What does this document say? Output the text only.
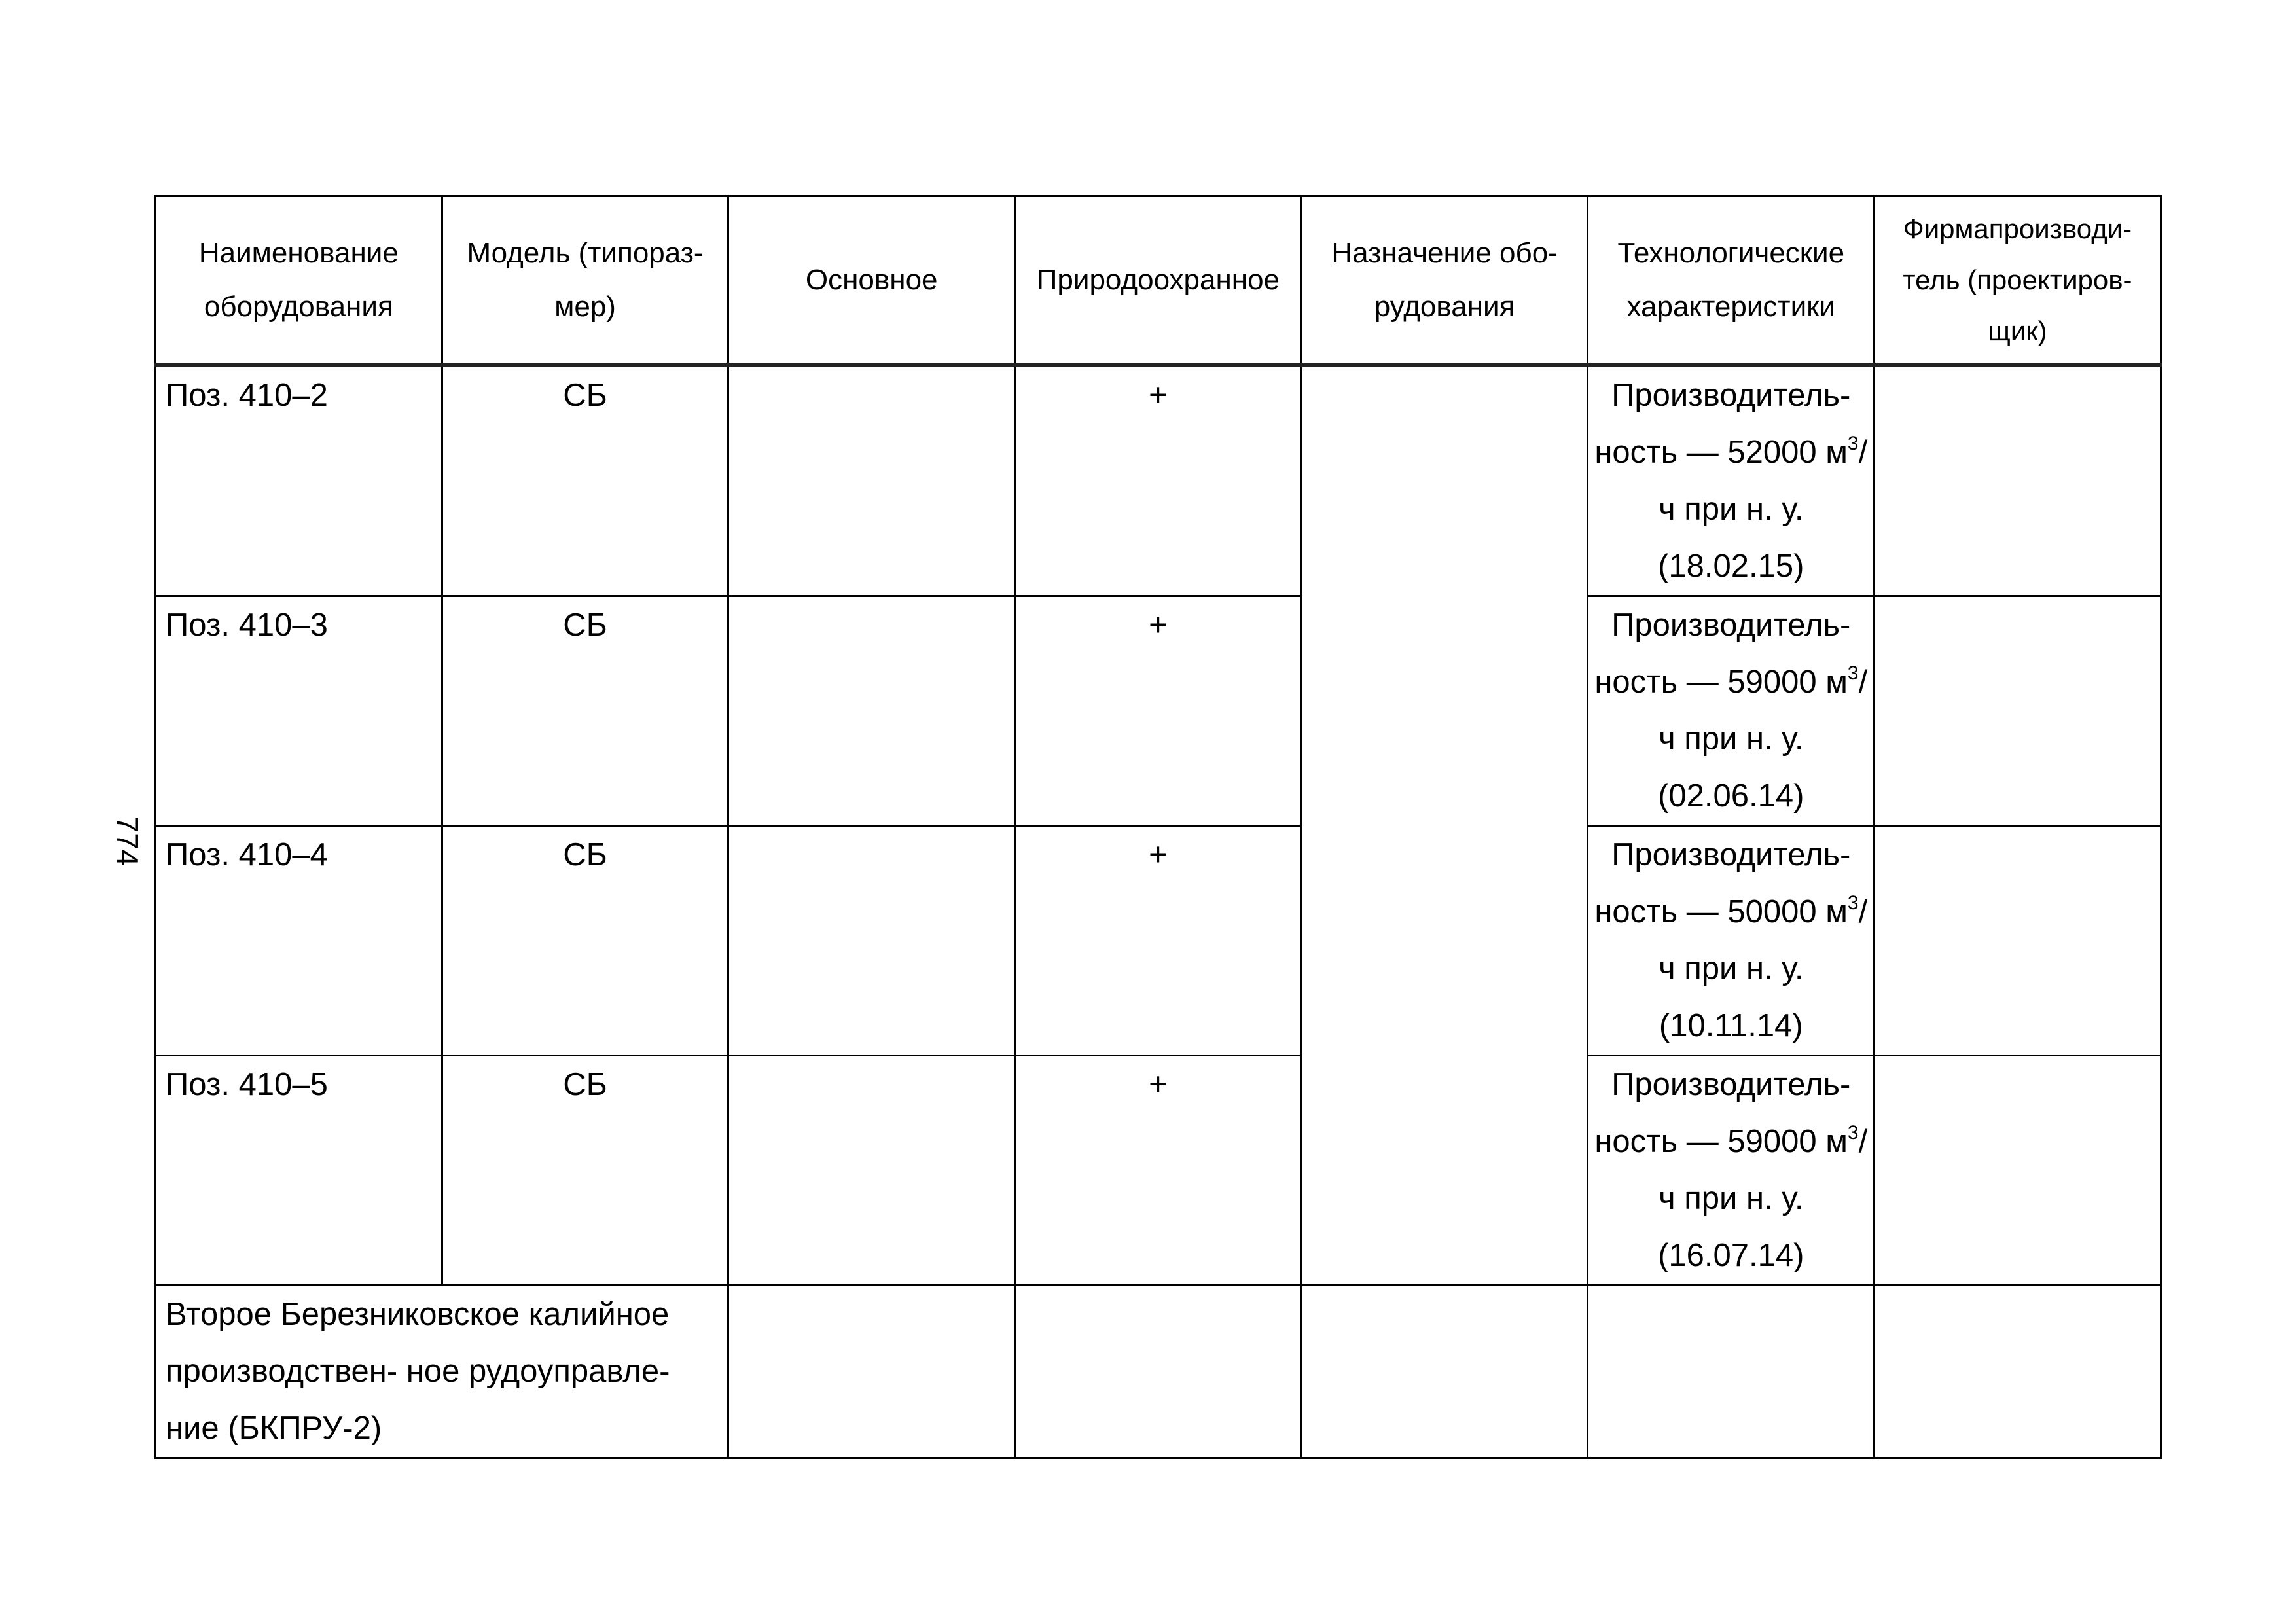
774
Наименование оборудования	Модель (типораз- мер)	Основное	Природоохранное	Назначение обо- рудования	Технологические характеристики	Фирмапроизводи- тель (проектиров- щик)
Поз. 410–2	СБ		+		Производитель- ность — 52000 $м^3/ч$ при н. у. (18.02.15)	
Поз. 410–3	СБ		+		Производитель- ность — 59000 $м^3/ч$ при н. у. (02.06.14)	
Поз. 410–4	СБ		+		Производитель- ность — 50000 $м^3/ч$ при н. у. (10.11.14)	
Поз. 410–5	СБ		+		Производитель- ность — 59000 $м^3/ч$ при н. у. (16.07.14)	
Второе Березниковское калийное производствен- ное рудоуправле- ние (БКПРУ-2)						
